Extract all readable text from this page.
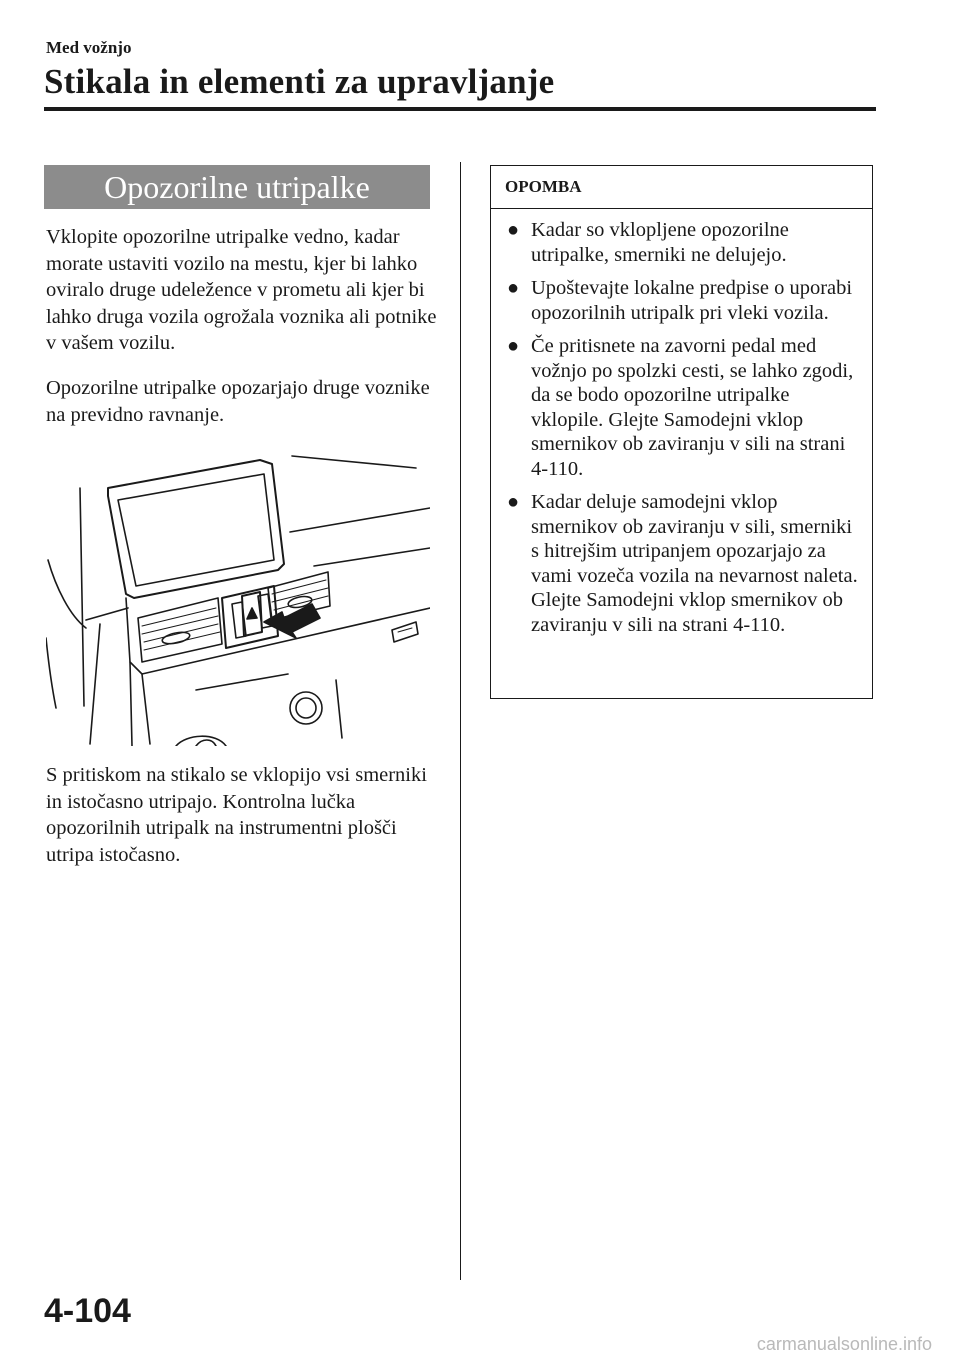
Med vožnjo
Stikala in elementi za upravljanje
Opozorilne utripalke

Vklopite opozorilne utripalke vedno, kadar morate ustaviti vozilo na mestu, kjer bi lahko oviralo druge udeležence v prometu ali kjer bi lahko druga vozila ogrožala voznika ali potnike v vašem vozilu.

Opozorilne utripalke opozarjajo druge voznike na previdno ravnanje.

S pritiskom na stikalo se vklopijo vsi smerniki in istočasno utripajo. Kontrolna lučka opozorilnih utripalk na instrumentni plošči utripa istočasno.

OPOMBA
● Kadar so vklopljene opozorilne utripalke, smerniki ne delujejo.
● Upoštevajte lokalne predpise o uporabi opozorilnih utripalk pri vleki vozila.
● Če pritisnete na zavorni pedal med vožnjo po spolzki cesti, se lahko zgodi, da se bodo opozorilne utripalke vklopile. Glejte Samodejni vklop smernikov ob zaviranju v sili na strani 4-110.
● Kadar deluje samodejni vklop smernikov ob zaviranju v sili, smerniki s hitrejšim utripanjem opozarjajo za vami vozeča vozila na nevarnost naleta. Glejte Samodejni vklop smernikov ob zaviranju v sili na strani 4-110.
4-104
carmanualsonline.info
